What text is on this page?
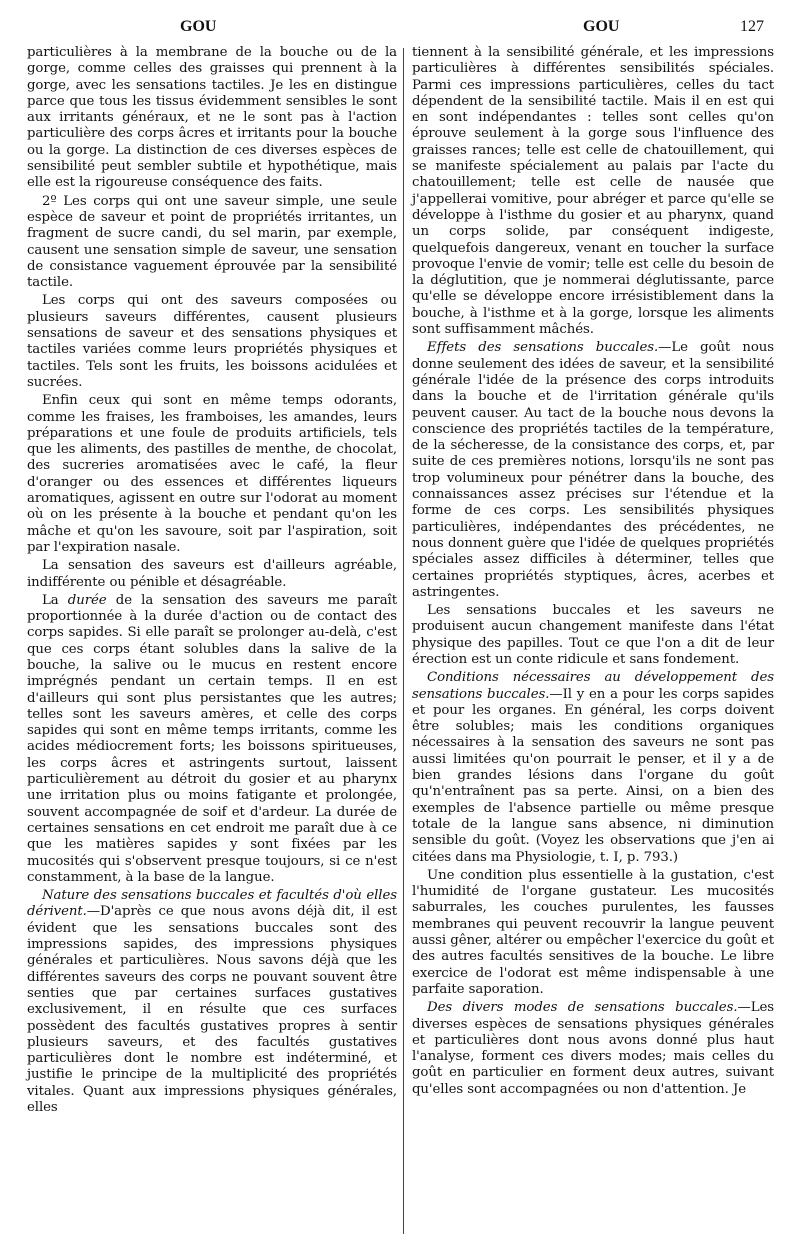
GOU	GOU	127

particulières à la membrane de la bouche ou de la gorge, comme celles des graisses qui prennent à la gorge, avec les sensations tactiles. Je les en distingue parce que tous les tissus évidemment sensibles le sont aux irritants généraux, et ne le sont pas à l'action particulière des corps âcres et irritants pour la bouche ou la gorge. La distinction de ces diverses espèces de sensibilité peut sembler subtile et hypothétique, mais elle est la rigoureuse conséquence des faits.

2º Les corps qui ont une saveur simple, une seule espèce de saveur et point de propriétés irritantes, un fragment de sucre candi, du sel marin, par exemple, causent une sensation simple de saveur, une sensation de consistance vaguement éprouvée par la sensibilité tactile.

Les corps qui ont des saveurs composées ou plusieurs saveurs différentes, causent plusieurs sensations de saveur et des sensations physiques et tactiles variées comme leurs propriétés physiques et tactiles. Tels sont les fruits, les boissons acidulées et sucrées.

Enfin ceux qui sont en même temps odorants, comme les fraises, les framboises, les amandes, leurs préparations et une foule de produits artificiels, tels que les aliments, des pastilles de menthe, de chocolat, des sucreries aromatisées avec le café, la fleur d'oranger ou des essences et différentes liqueurs aromatiques, agissent en outre sur l'odorat au moment où on les présente à la bouche et pendant qu'on les mâche et qu'on les savoure, soit par l'aspiration, soit par l'expiration nasale.

La sensation des saveurs est d'ailleurs agréable, indifférente ou pénible et désagréable.

La durée de la sensation des saveurs me paraît proportionnée à la durée d'action ou de contact des corps sapides. Si elle paraît se prolonger au-delà, c'est que ces corps étant solubles dans la salive de la bouche, la salive ou le mucus en restent encore imprégnés pendant un certain temps. Il en est d'ailleurs qui sont plus persistantes que les autres; telles sont les saveurs amères, et celle des corps sapides qui sont en même temps irritants, comme les acides médiocrement forts; les boissons spiritueuses, les corps âcres et astringents surtout, laissent particulièrement au détroit du gosier et au pharynx une irritation plus ou moins fatigante et prolongée, souvent accompagnée de soif et d'ardeur. La durée de certaines sensations en cet endroit me paraît due à ce que les matières sapides y sont fixées par les mucosités qui s'observent presque toujours, si ce n'est constamment, à la base de la langue.

Nature des sensations buccales et facultés d'où elles dérivent.—D'après ce que nous avons déjà dit, il est évident que les sensations buccales sont des impressions sapides, des impressions physiques générales et particulières. Nous savons déjà que les différentes saveurs des corps ne pouvant souvent être senties que par certaines surfaces gustatives exclusivement, il en résulte que ces surfaces possèdent des facultés gustatives propres à sentir plusieurs saveurs, et des facultés gustatives particulières dont le nombre est indéterminé, et justifie le principe de la multiplicité des propriétés vitales. Quant aux impressions physiques générales, elles

tiennent à la sensibilité générale, et les impressions particulières à différentes sensibilités spéciales. Parmi ces impressions particulières, celles du tact dépendent de la sensibilité tactile. Mais il en est qui en sont indépendantes : telles sont celles qu'on éprouve seulement à la gorge sous l'influence des graisses rances; telle est celle de chatouillement, qui se manifeste spécialement au palais par l'acte du chatouillement; telle est celle de nausée que j'appellerai vomitive, pour abréger et parce qu'elle se développe à l'isthme du gosier et au pharynx, quand un corps solide, par conséquent indigeste, quelquefois dangereux, venant en toucher la surface provoque l'envie de vomir; telle est celle du besoin de la déglutition, que je nommerai déglutissante, parce qu'elle se développe encore irrésistiblement dans la bouche, à l'isthme et à la gorge, lorsque les aliments sont suffisamment mâchés.

Effets des sensations buccales.—Le goût nous donne seulement des idées de saveur, et la sensibilité générale l'idée de la présence des corps introduits dans la bouche et de l'irritation générale qu'ils peuvent causer. Au tact de la bouche nous devons la conscience des propriétés tactiles de la température, de la sécheresse, de la consistance des corps, et, par suite de ces premières notions, lorsqu'ils ne sont pas trop volumineux pour pénétrer dans la bouche, des connaissances assez précises sur l'étendue et la forme de ces corps. Les sensibilités physiques particulières, indépendantes des précédentes, ne nous donnent guère que l'idée de quelques propriétés spéciales assez difficiles à déterminer, telles que certaines propriétés styptiques, âcres, acerbes et astringentes.

Les sensations buccales et les saveurs ne produisent aucun changement manifeste dans l'état physique des papilles. Tout ce que l'on a dit de leur érection est un conte ridicule et sans fondement.

Conditions nécessaires au développement des sensations buccales.—Il y en a pour les corps sapides et pour les organes. En général, les corps doivent être solubles; mais les conditions organiques nécessaires à la sensation des saveurs ne sont pas aussi limitées qu'on pourrait le penser, et il y a de bien grandes lésions dans l'organe du goût qu'n'entraînent pas sa perte. Ainsi, on a bien des exemples de l'absence partielle ou même presque totale de la langue sans absence, ni diminution sensible du goût. (Voyez les observations que j'en ai citées dans ma Physiologie, t. I, p. 793.)

Une condition plus essentielle à la gustation, c'est l'humidité de l'organe gustateur. Les mucosités saburrales, les couches purulentes, les fausses membranes qui peuvent recouvrir la langue peuvent aussi gêner, altérer ou empêcher l'exercice du goût et des autres facultés sensitives de la bouche. Le libre exercice de l'odorat est même indispensable à une parfaite saporation.

Des divers modes de sensations buccales.—Les diverses espèces de sensations physiques générales et particulières dont nous avons donné plus haut l'analyse, forment ces divers modes; mais celles du goût en particulier en forment deux autres, suivant qu'elles sont accompagnées ou non d'attention. Je
